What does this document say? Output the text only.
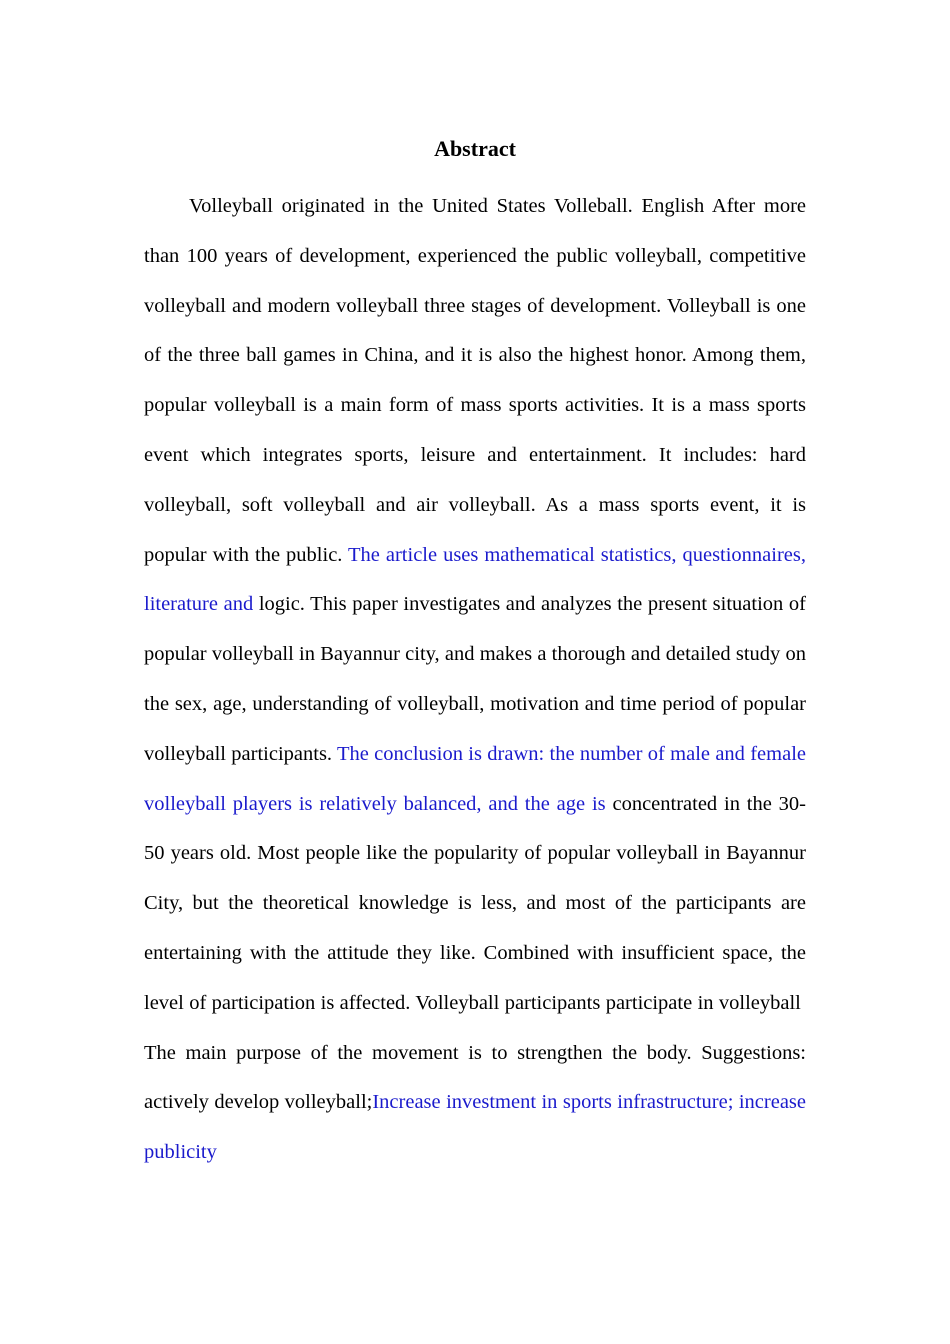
Abstract

Volleyball originated in the United States Volleball. English After more than 100 years of development, experienced the public volleyball, competitive volleyball and modern volleyball three stages of development. Volleyball is one of the three ball games in China, and it is also the highest honor. Among them, popular volleyball is a main form of mass sports activities. It is a mass sports event which integrates sports, leisure and entertainment. It includes: hard volleyball, soft volleyball and air volleyball. As a mass sports event, it is popular with the public. The article uses mathematical statistics, questionnaires, literature and logic. This paper investigates and analyzes the present situation of popular volleyball in Bayannur city, and makes a thorough and detailed study on the sex, age, understanding of volleyball, motivation and time period of popular volleyball participants. The conclusion is drawn: the number of male and female volleyball players is relatively balanced, and the age is concentrated in the 30-50 years old. Most people like the popularity of popular volleyball in Bayannur City, but the theoretical knowledge is less, and most of the participants are entertaining with the attitude they like. Combined with insufficient space, the level of participation is affected. Volleyball participants participate in volleyball  The main purpose of the movement is to strengthen the body. Suggestions: actively develop volleyball;Increase investment in sports infrastructure; increase publicity
